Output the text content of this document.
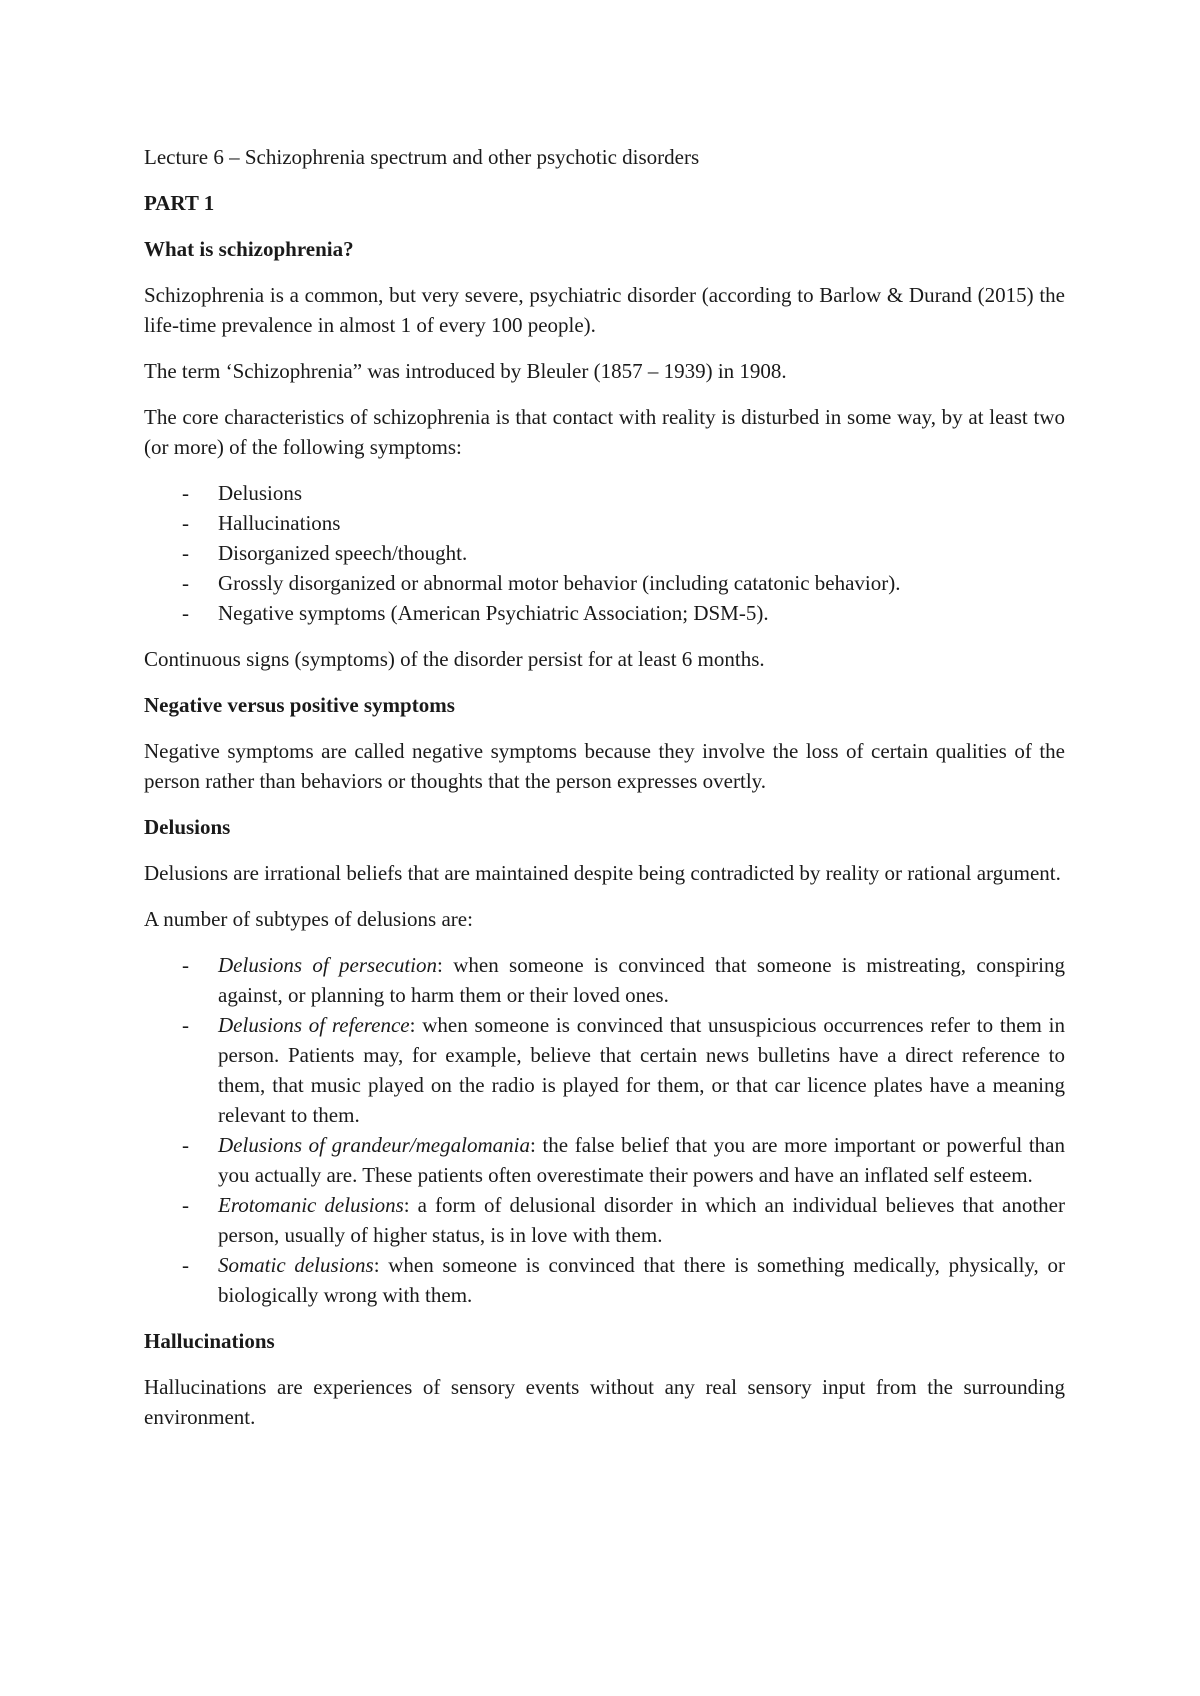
Lecture 6 – Schizophrenia spectrum and other psychotic disorders

PART 1

What is schizophrenia?

Schizophrenia is a common, but very severe, psychiatric disorder (according to Barlow & Durand (2015) the life-time prevalence in almost 1 of every 100 people).

The term ‘Schizophrenia” was introduced by Bleuler (1857 – 1939) in 1908.

The core characteristics of schizophrenia is that contact with reality is disturbed in some way, by at least two (or more) of the following symptoms:

- Delusions
- Hallucinations
- Disorganized speech/thought.
- Grossly disorganized or abnormal motor behavior (including catatonic behavior).
- Negative symptoms (American Psychiatric Association; DSM-5).

Continuous signs (symptoms) of the disorder persist for at least 6 months.

Negative versus positive symptoms

Negative symptoms are called negative symptoms because they involve the loss of certain qualities of the person rather than behaviors or thoughts that the person expresses overtly.

Delusions

Delusions are irrational beliefs that are maintained despite being contradicted by reality or rational argument.

A number of subtypes of delusions are:

- Delusions of persecution: when someone is convinced that someone is mistreating, conspiring against, or planning to harm them or their loved ones.
- Delusions of reference: when someone is convinced that unsuspicious occurrences refer to them in person. Patients may, for example, believe that certain news bulletins have a direct reference to them, that music played on the radio is played for them, or that car licence plates have a meaning relevant to them.
- Delusions of grandeur/megalomania: the false belief that you are more important or powerful than you actually are. These patients often overestimate their powers and have an inflated self esteem.
- Erotomanic delusions: a form of delusional disorder in which an individual believes that another person, usually of higher status, is in love with them.
- Somatic delusions: when someone is convinced that there is something medically, physically, or biologically wrong with them.

Hallucinations

Hallucinations are experiences of sensory events without any real sensory input from the surrounding environment.
